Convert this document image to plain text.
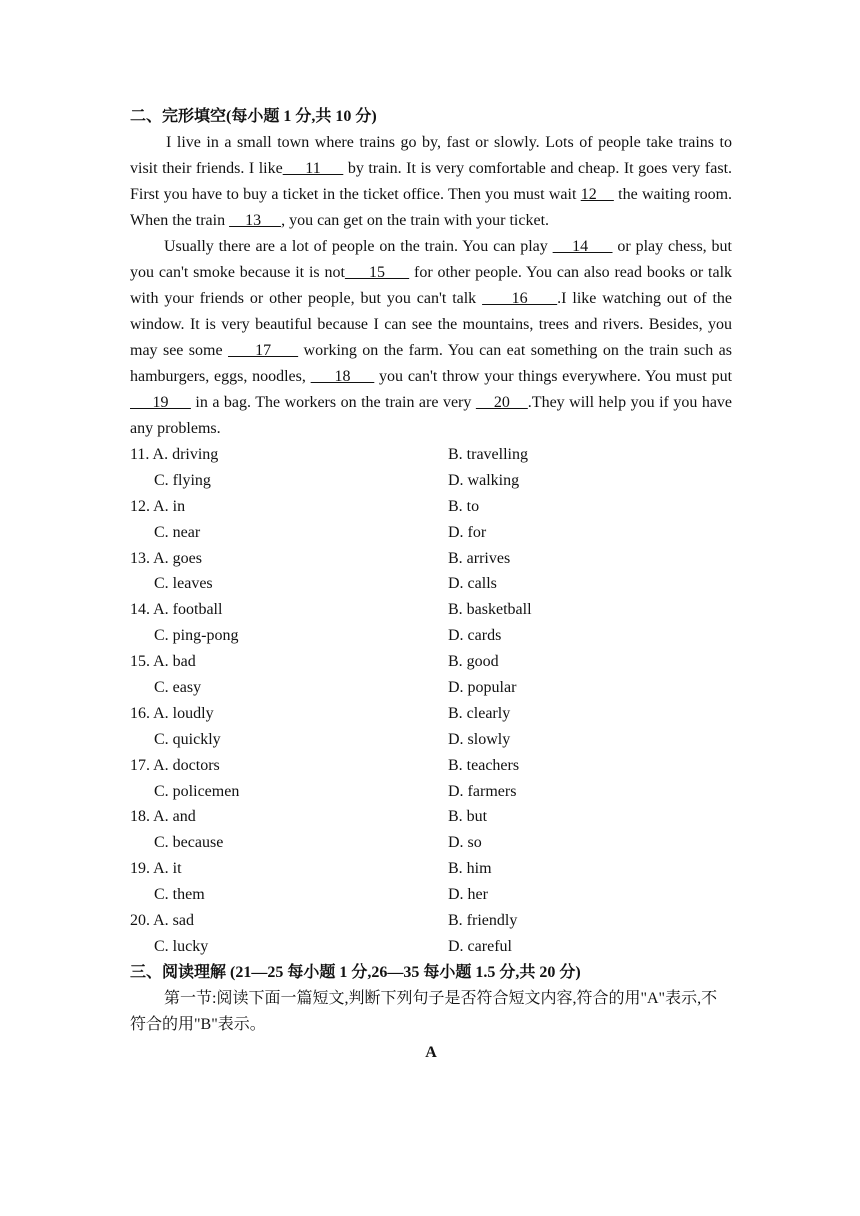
二、完形填空(每小题 1 分,共 10 分)

I live in a small town where trains go by, fast or slowly. Lots of people take trains to visit their friends. I like     11      by train. It is very comfortable and cheap. It goes very fast. First you have to buy a ticket in the ticket office. Then you must wait 12     the waiting room. When the train     13     , you can get on the train with your ticket.

Usually there are a lot of people on the train. You can play     14      or play chess, but you can't smoke because it is not     15      for other people. You can also read books or talk with your friends or other people, but you can't talk      16     .I like watching out of the window. It is very beautiful because I can see the mountains, trees and rivers. Besides, you may see some      17      working on the farm. You can eat something on the train such as hamburgers, eggs, noodles,      18      you can't throw your things everywhere. You must put      19      in a bag. The workers on the train are very     20    .They will help you if you have any problems.

11. A. driving	B. travelling
C. flying	D. walking
12. A. in	B. to
C. near	D. for
13. A. goes	B. arrives
C. leaves	D. calls
14. A. football	B. basketball
C. ping-pong	D. cards
15. A. bad	B. good
C. easy	D. popular
16. A. loudly	B. clearly
C. quickly	D. slowly
17. A. doctors	B. teachers
C. policemen	D. farmers
18. A. and	B. but
C. because	D. so
19. A. it	B. him
C. them	D. her
20. A. sad	B. friendly
C. lucky	D. careful
三、阅读理解 (21—25 每小题 1 分,26—35 每小题 1.5 分,共 20 分)

第一节:阅读下面一篇短文,判断下列句子是否符合短文内容,符合的用"A"表示,不符合的用"B"表示。

A
